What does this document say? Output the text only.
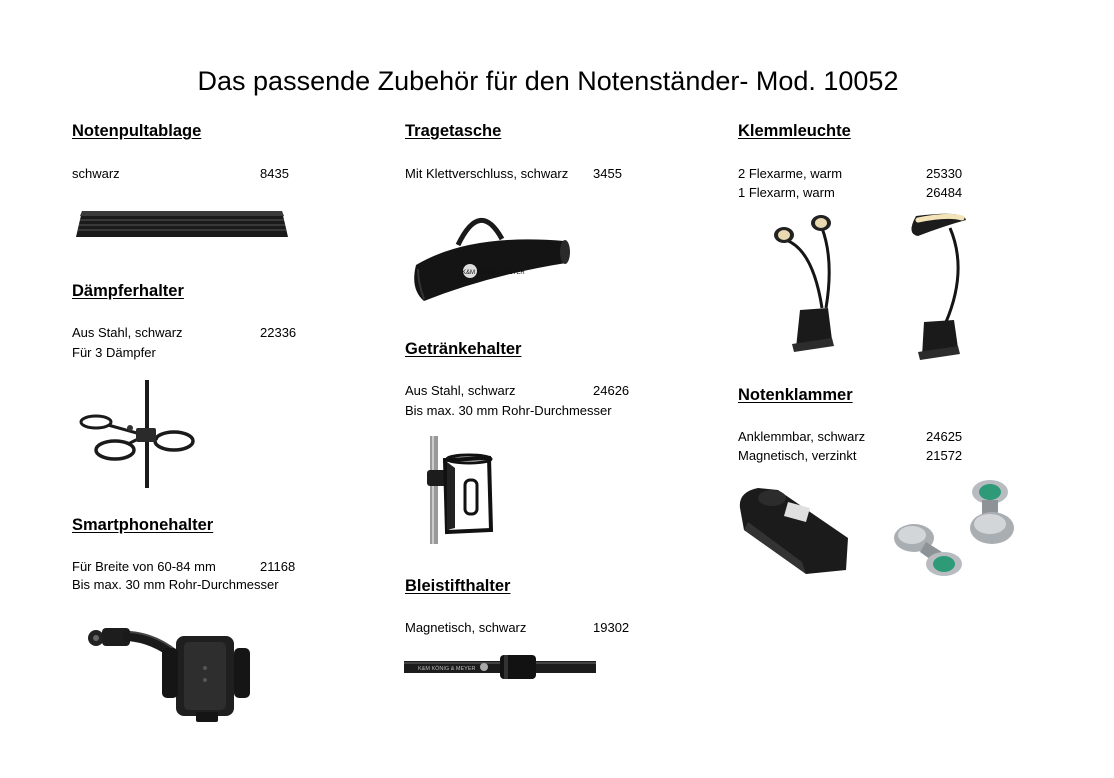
Das passende Zubehör für den Notenständer- Mod. 10052
Notenpultablage
schwarz	8435
Dämpferhalter
Aus Stahl, schwarz	22336
Für 3 Dämpfer
Smartphonehalter
Für Breite von 60-84 mm	21168
Bis max. 30 mm Rohr-Durchmesser
Tragetasche
Mit Klettverschluss, schwarz 3455
K&M KÖNIG & MEYER
Getränkehalter
Aus Stahl, schwarz	24626
Bis max. 30 mm Rohr-Durchmesser
Bleistifthalter
Magnetisch, schwarz	19302
K&M KÖNIG & MEYER
Klemmleuchte
2 Flexarme, warm	25330
1 Flexarm, warm	26484
Notenklammer
Anklemmbar, schwarz	24625
Magnetisch, verzinkt	21572
